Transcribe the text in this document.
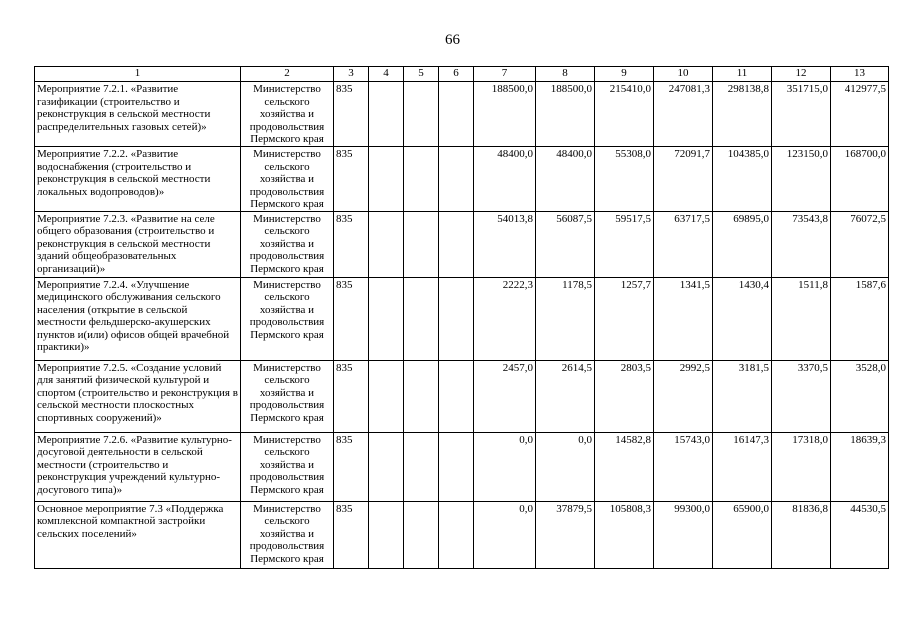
66
1	2	3	4	5	6	7	8	9	10	11	12	13
Мероприятие 7.2.1. «Развитие газификации (строительство и реконструкция в сельской местности распределительных газовых сетей)»	Министерство сельского хозяйства и продовольствия Пермского края	835				188500,0	188500,0	215410,0	247081,3	298138,8	351715,0	412977,5
Мероприятие 7.2.2. «Развитие водоснабжения (строительство и реконструкция в сельской местности локальных водопроводов)»	Министерство сельского хозяйства и продовольствия Пермского края	835				48400,0	48400,0	55308,0	72091,7	104385,0	123150,0	168700,0
Мероприятие 7.2.3. «Развитие на селе общего образования (строительство и реконструкция в сельской местности зданий общеобразовательных организаций)»	Министерство сельского хозяйства и продовольствия Пермского края	835				54013,8	56087,5	59517,5	63717,5	69895,0	73543,8	76072,5
Мероприятие 7.2.4. «Улучшение медицинского обслуживания сельского населения (открытие в сельской местности фельдшерско-акушерских пунктов и(или) офисов общей врачебной практики)»	Министерство сельского хозяйства и продовольствия Пермского края	835				2222,3	1178,5	1257,7	1341,5	1430,4	1511,8	1587,6
Мероприятие 7.2.5. «Создание условий для занятий физической культурой и спортом (строительство и реконструкция в сельской местности плоскостных спортивных сооружений)»	Министерство сельского хозяйства и продовольствия Пермского края	835				2457,0	2614,5	2803,5	2992,5	3181,5	3370,5	3528,0
Мероприятие 7.2.6. «Развитие культурно-досуговой деятельности в сельской местности (строительство и реконструкция учреждений культурно-досугового типа)»	Министерство сельского хозяйства и продовольствия Пермского края	835				0,0	0,0	14582,8	15743,0	16147,3	17318,0	18639,3
Основное мероприятие 7.3 «Поддержка комплексной компактной застройки сельских поселений»	Министерство сельского хозяйства и продовольствия Пермского края	835				0,0	37879,5	105808,3	99300,0	65900,0	81836,8	44530,5
